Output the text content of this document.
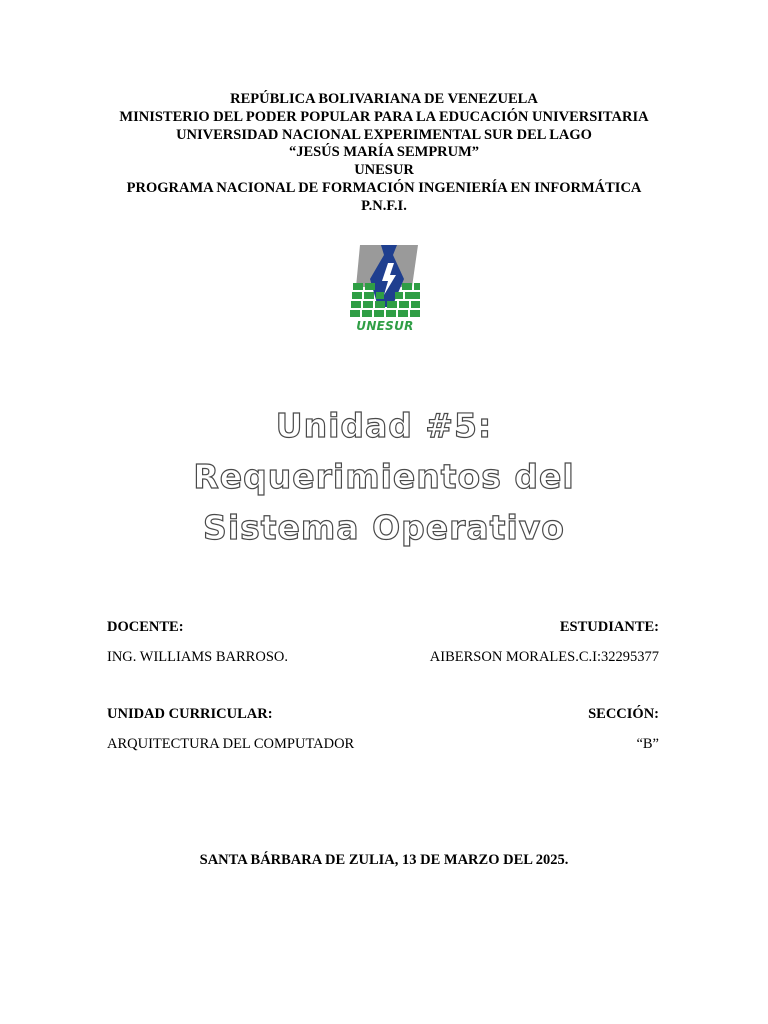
REPÚBLICA BOLIVARIANA DE VENEZUELA
MINISTERIO DEL PODER POPULAR PARA LA EDUCACIÓN UNIVERSITARIA
UNIVERSIDAD NACIONAL EXPERIMENTAL SUR DEL LAGO
“JESÚS MARÍA SEMPRUM”
UNESUR
PROGRAMA NACIONAL DE FORMACIÓN INGENIERÍA EN INFORMÁTICA
P.N.F.I.
UNESUR
Unidad #5:
Requerimientos del
Sistema Operativo
DOCENTE:	ESTUDIANTE:
ING. WILLIAMS BARROSO.	AIBERSON MORALES.C.I:32295377
UNIDAD CURRICULAR:	SECCIÓN:
ARQUITECTURA DEL COMPUTADOR	“B”
SANTA BÁRBARA DE ZULIA, 13 DE MARZO DEL 2025.
